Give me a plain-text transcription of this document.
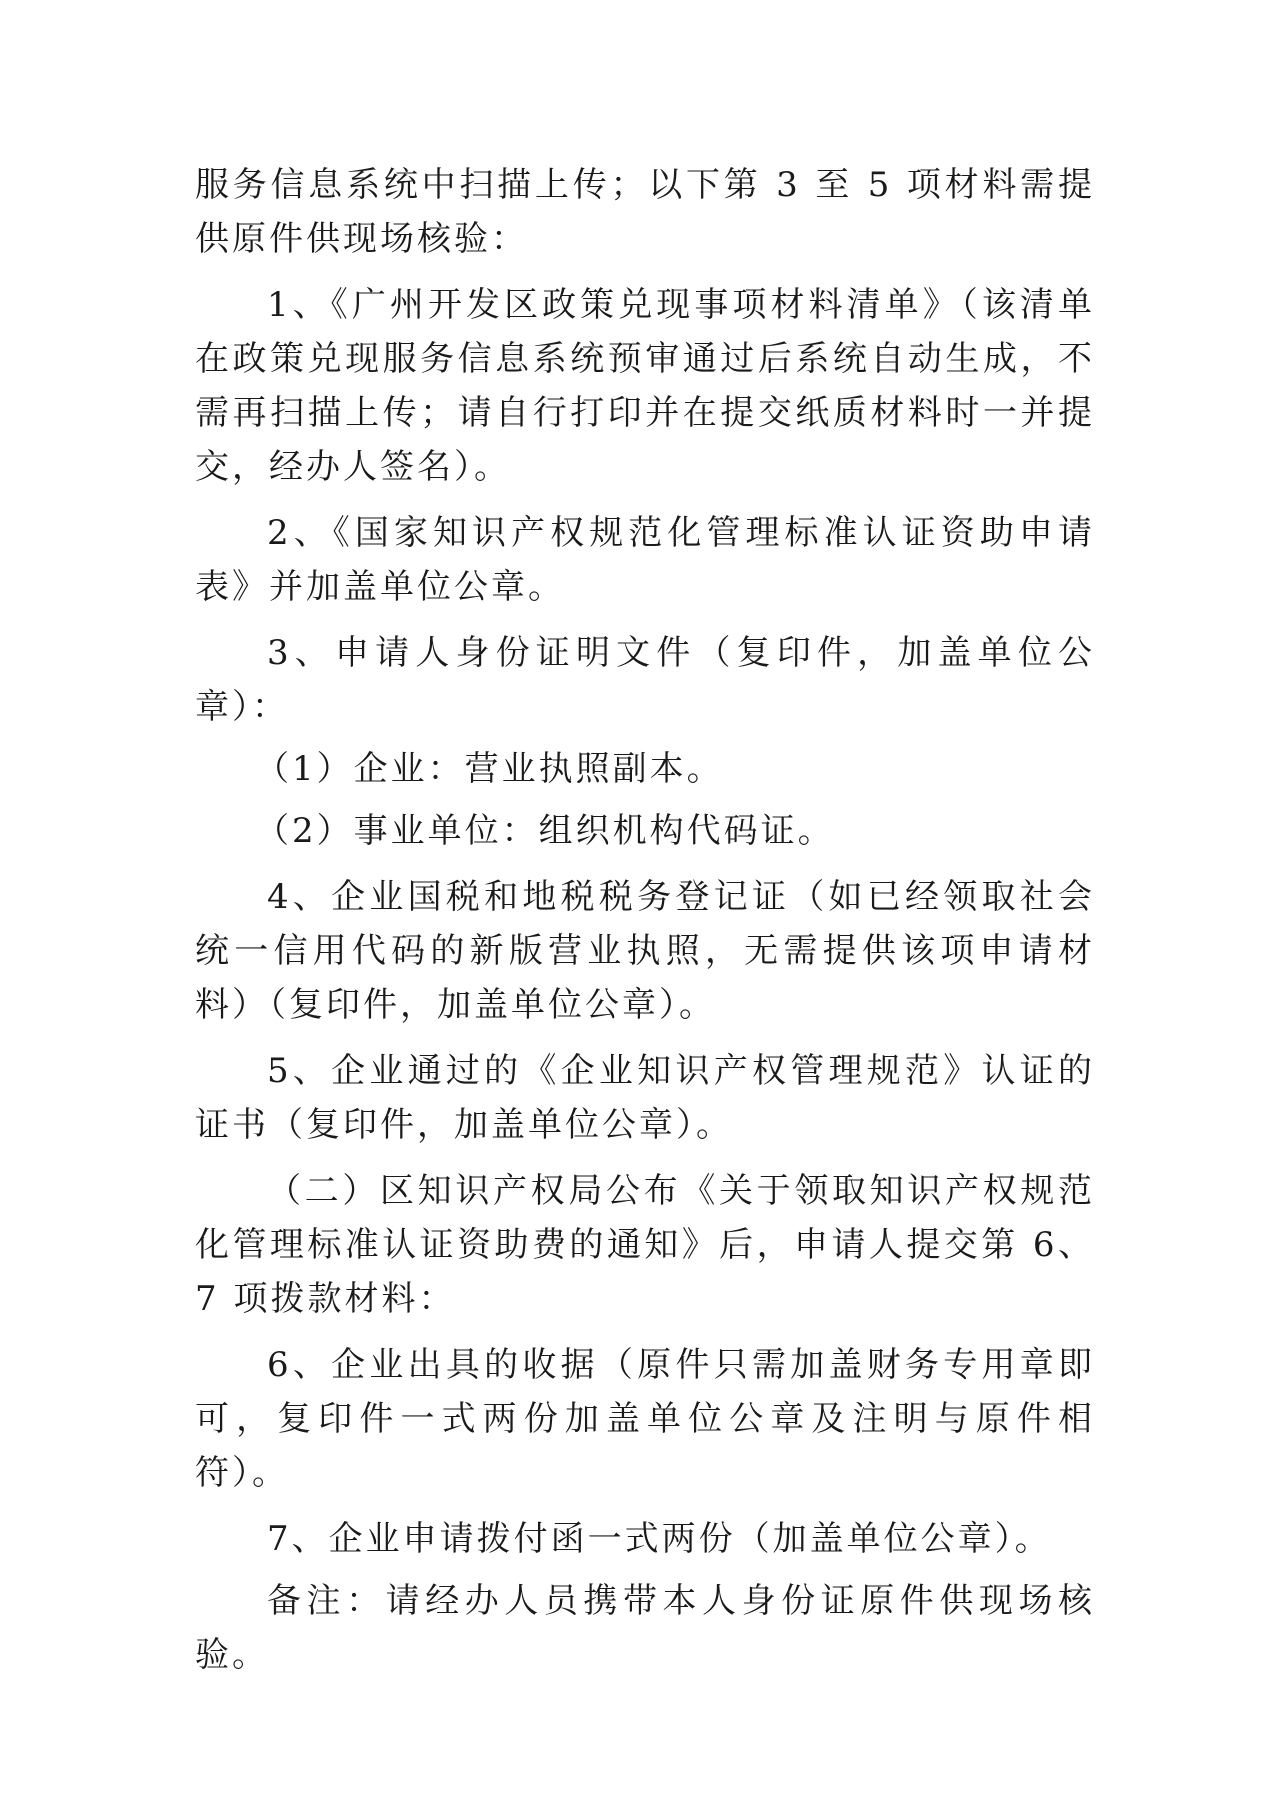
服务信息系统中扫描上传；以下第 3 至 5 项材料需提供原件供现场核验：

1、《广州开发区政策兑现事项材料清单》（该清单在政策兑现服务信息系统预审通过后系统自动生成，不需再扫描上传；请自行打印并在提交纸质材料时一并提交，经办人签名）。

2、《国家知识产权规范化管理标准认证资助申请表》并加盖单位公章。

3、申请人身份证明文件（复印件，加盖单位公章）：

（1）企业：营业执照副本。

（2）事业单位：组织机构代码证。

4、企业国税和地税税务登记证（如已经领取社会统一信用代码的新版营业执照，无需提供该项申请材料）（复印件，加盖单位公章）。

5、企业通过的《企业知识产权管理规范》认证的证书（复印件，加盖单位公章）。

（二）区知识产权局公布《关于领取知识产权规范化管理标准认证资助费的通知》后，申请人提交第 6、7 项拨款材料：

6、企业出具的收据（原件只需加盖财务专用章即可，复印件一式两份加盖单位公章及注明与原件相符）。

7、企业申请拨付函一式两份（加盖单位公章）。

备注：请经办人员携带本人身份证原件供现场核验。
